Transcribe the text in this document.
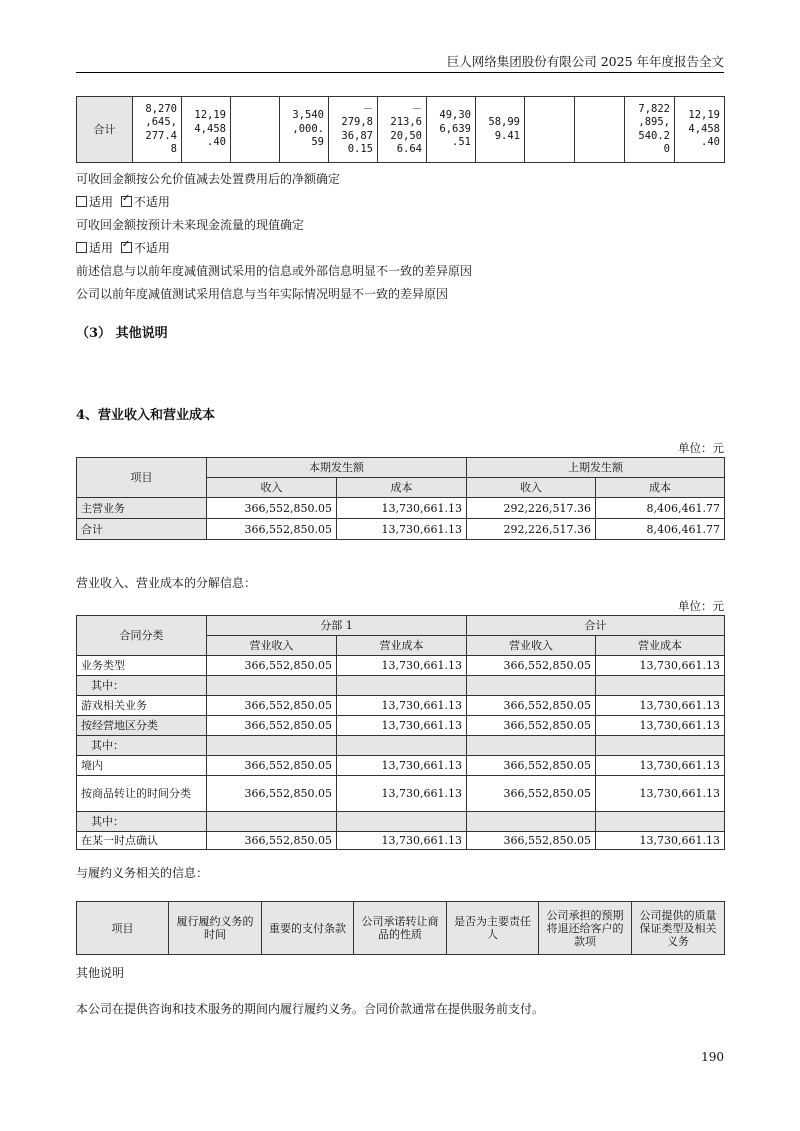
巨人网络集团股份有限公司 2025 年年度报告全文
合计	8,270
,645,
277.4
8	12,19
4,458
.40		3,540
,000.
59	－
279,8
36,87
0.15	－
213,6
20,50
6.64	49,30
6,639
.51	58,99
9.41			7,822
,895,
540.2
0	12,19
4,458
.40
可收回金额按公允价值减去处置费用后的净额确定
适用 ✓ 不适用
可收回金额按预计未来现金流量的现值确定
适用 ✓ 不适用
前述信息与以前年度减值测试采用的信息或外部信息明显不一致的差异原因
公司以前年度减值测试采用信息与当年实际情况明显不一致的差异原因
（3） 其他说明
4、营业收入和营业成本
单位：元
项目	本期发生额		上期发生额	
	收入	成本	收入	成本
主营业务	366,552,850.05	13,730,661.13	292,226,517.36	8,406,461.77
合计	366,552,850.05	13,730,661.13	292,226,517.36	8,406,461.77
营业收入、营业成本的分解信息：
单位：元
合同分类	分部 1		合计	
	营业收入	营业成本	营业收入	营业成本
业务类型	366,552,850.05	13,730,661.13	366,552,850.05	13,730,661.13
其中：				
游戏相关业务	366,552,850.05	13,730,661.13	366,552,850.05	13,730,661.13
按经营地区分类	366,552,850.05	13,730,661.13	366,552,850.05	13,730,661.13
其中：				
境内	366,552,850.05	13,730,661.13	366,552,850.05	13,730,661.13
按商品转让的时间分类	366,552,850.05	13,730,661.13	366,552,850.05	13,730,661.13
其中：				
在某一时点确认	366,552,850.05	13,730,661.13	366,552,850.05	13,730,661.13
与履约义务相关的信息：
项目	履行履约义务的时间	重要的支付条款	公司承诺转让商品的性质	是否为主要责任人	公司承担的预期将退还给客户的款项	公司提供的质量保证类型及相关义务
其他说明
本公司在提供咨询和技术服务的期间内履行履约义务。合同价款通常在提供服务前支付。
190
